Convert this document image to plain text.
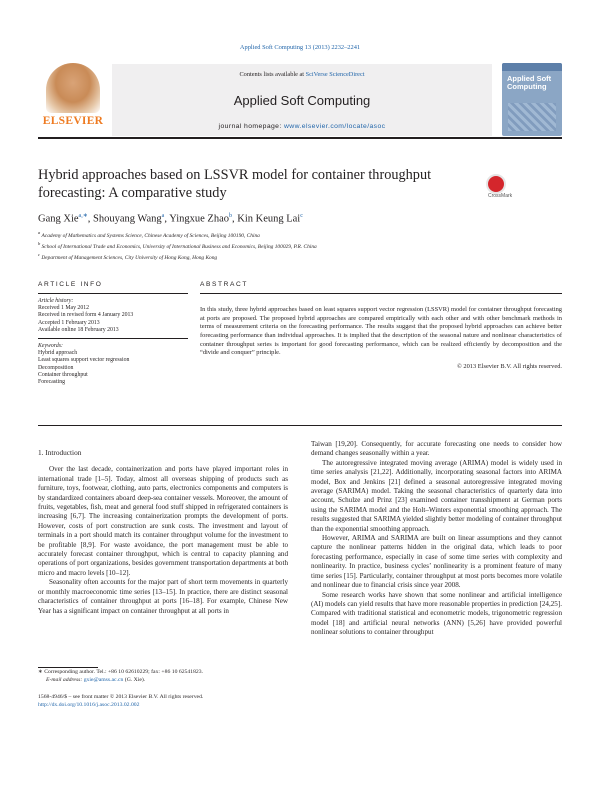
Applied Soft Computing 13 (2013) 2232–2241
ELSEVIER
Contents lists available at SciVerse ScienceDirect
Applied Soft Computing
journal homepage: www.elsevier.com/locate/asoc
Applied Soft Computing
Hybrid approaches based on LSSVR model for container throughput forecasting: A comparative study	CrossMark
Gang Xie$^{a,∗}$, Shouyang Wang$^a$, Yingxue Zhao$^b$, Kin Keung Lai$^c$
$^a$ Academy of Mathematics and Systems Science, Chinese Academy of Sciences, Beijing 100190, China
$^b$ School of International Trade and Economics, University of International Business and Economics, Beijing 100029, P.R. China
$^c$ Department of Management Sciences, City University of Hong Kong, Hong Kong
ARTICLE INFO
Article history:
Received 1 May 2012
Received in revised form 4 January 2013
Accepted 1 February 2013
Available online 18 February 2013
Keywords:
Hybrid approach
Least squares support vector regression
Decomposition
Container throughput
Forecasting
ABSTRACT
In this study, three hybrid approaches based on least squares support vector regression (LSSVR) model for container throughput forecasting at ports are proposed. The proposed hybrid approaches are compared empirically with each other and with other benchmark methods in terms of measurement criteria on the forecasting performance. The results suggest that the proposed hybrid approaches can achieve better forecasting performance than individual approaches. It is implied that the description of the seasonal nature and nonlinear characteristics of container throughput series is important for good forecasting performance, which can be realized efficiently by decomposition and the “divide and conquer” principle.
© 2013 Elsevier B.V. All rights reserved.
1. Introduction

Over the last decade, containerization and ports have played important roles in international trade [1–5]. Today, almost all overseas shipping of products such as furniture, toys, footwear, clothing, auto parts, electronics components and computers is by standardized containers aboard deep-sea container vessels. Moreover, the amount of fruits, vegetables, fish, meat and general food stuff shipped in refrigerated containers is increasing [6,7]. The increasing containerization prompts the development of ports. However, costs of port construction are sunk costs. The investment and layout of terminals in a port should match its container throughput volume for the investment to be profitable [8,9]. For waste avoidance, the port management must be able to accurately forecast container throughput, which is central to capacity planning and operations of port organizations, besides government transportation departments at both micro and macro levels [10–12].

Seasonality often accounts for the major part of short term movements in quarterly or monthly macroeconomic time series [13–15]. In practice, there are distinct seasonal characteristics of container throughput at ports [16–18]. For example, Chinese New Year has a significant impact on container throughput at all ports in

Taiwan [19,20]. Consequently, for accurate forecasting one needs to consider how demand changes seasonally within a year.

The autoregressive integrated moving average (ARIMA) model is widely used in time series analysis [21,22]. Additionally, incorporating seasonal factors into ARIMA model, Box and Jenkins [21] defined a seasonal autoregressive integrated moving average (SARIMA) model. Taking the seasonal characteristics of quarterly data into account, Schulze and Prinz [23] examined container transshipment at German ports using the SARIMA model and the Holt–Winters exponential smoothing approach. The results suggested that SARIMA yielded slightly better modeling of container throughput than the exponential smoothing approach.

However, ARIMA and SARIMA are built on linear assumptions and they cannot capture the nonlinear patterns hidden in the original data, which leads to poor forecasting performance, especially in case of some time series with complexity and nonlinearity. In practice, business cycles’ nonlinearity is a prominent feature of many time series [15]. Particularly, container throughput at most ports becomes more volatile and nonlinear due to financial crisis since year 2008.

Some research works have shown that some nonlinear and artificial intelligence (AI) models can yield results that have more reasonable properties in prediction [24,25]. Compared with traditional statistical and econometric models, trigonometric regression model [18] and artificial neural networks (ANN) [5,26] have provided powerful nonlinear solutions to container throughput

∗ Corresponding author. Tel.: +86 10 62610229; fax: +86 10 62541823.
E-mail address: gxie@amss.ac.cn (G. Xie).
1568-4946/$ – see front matter © 2013 Elsevier B.V. All rights reserved.
http://dx.doi.org/10.1016/j.asoc.2013.02.002
